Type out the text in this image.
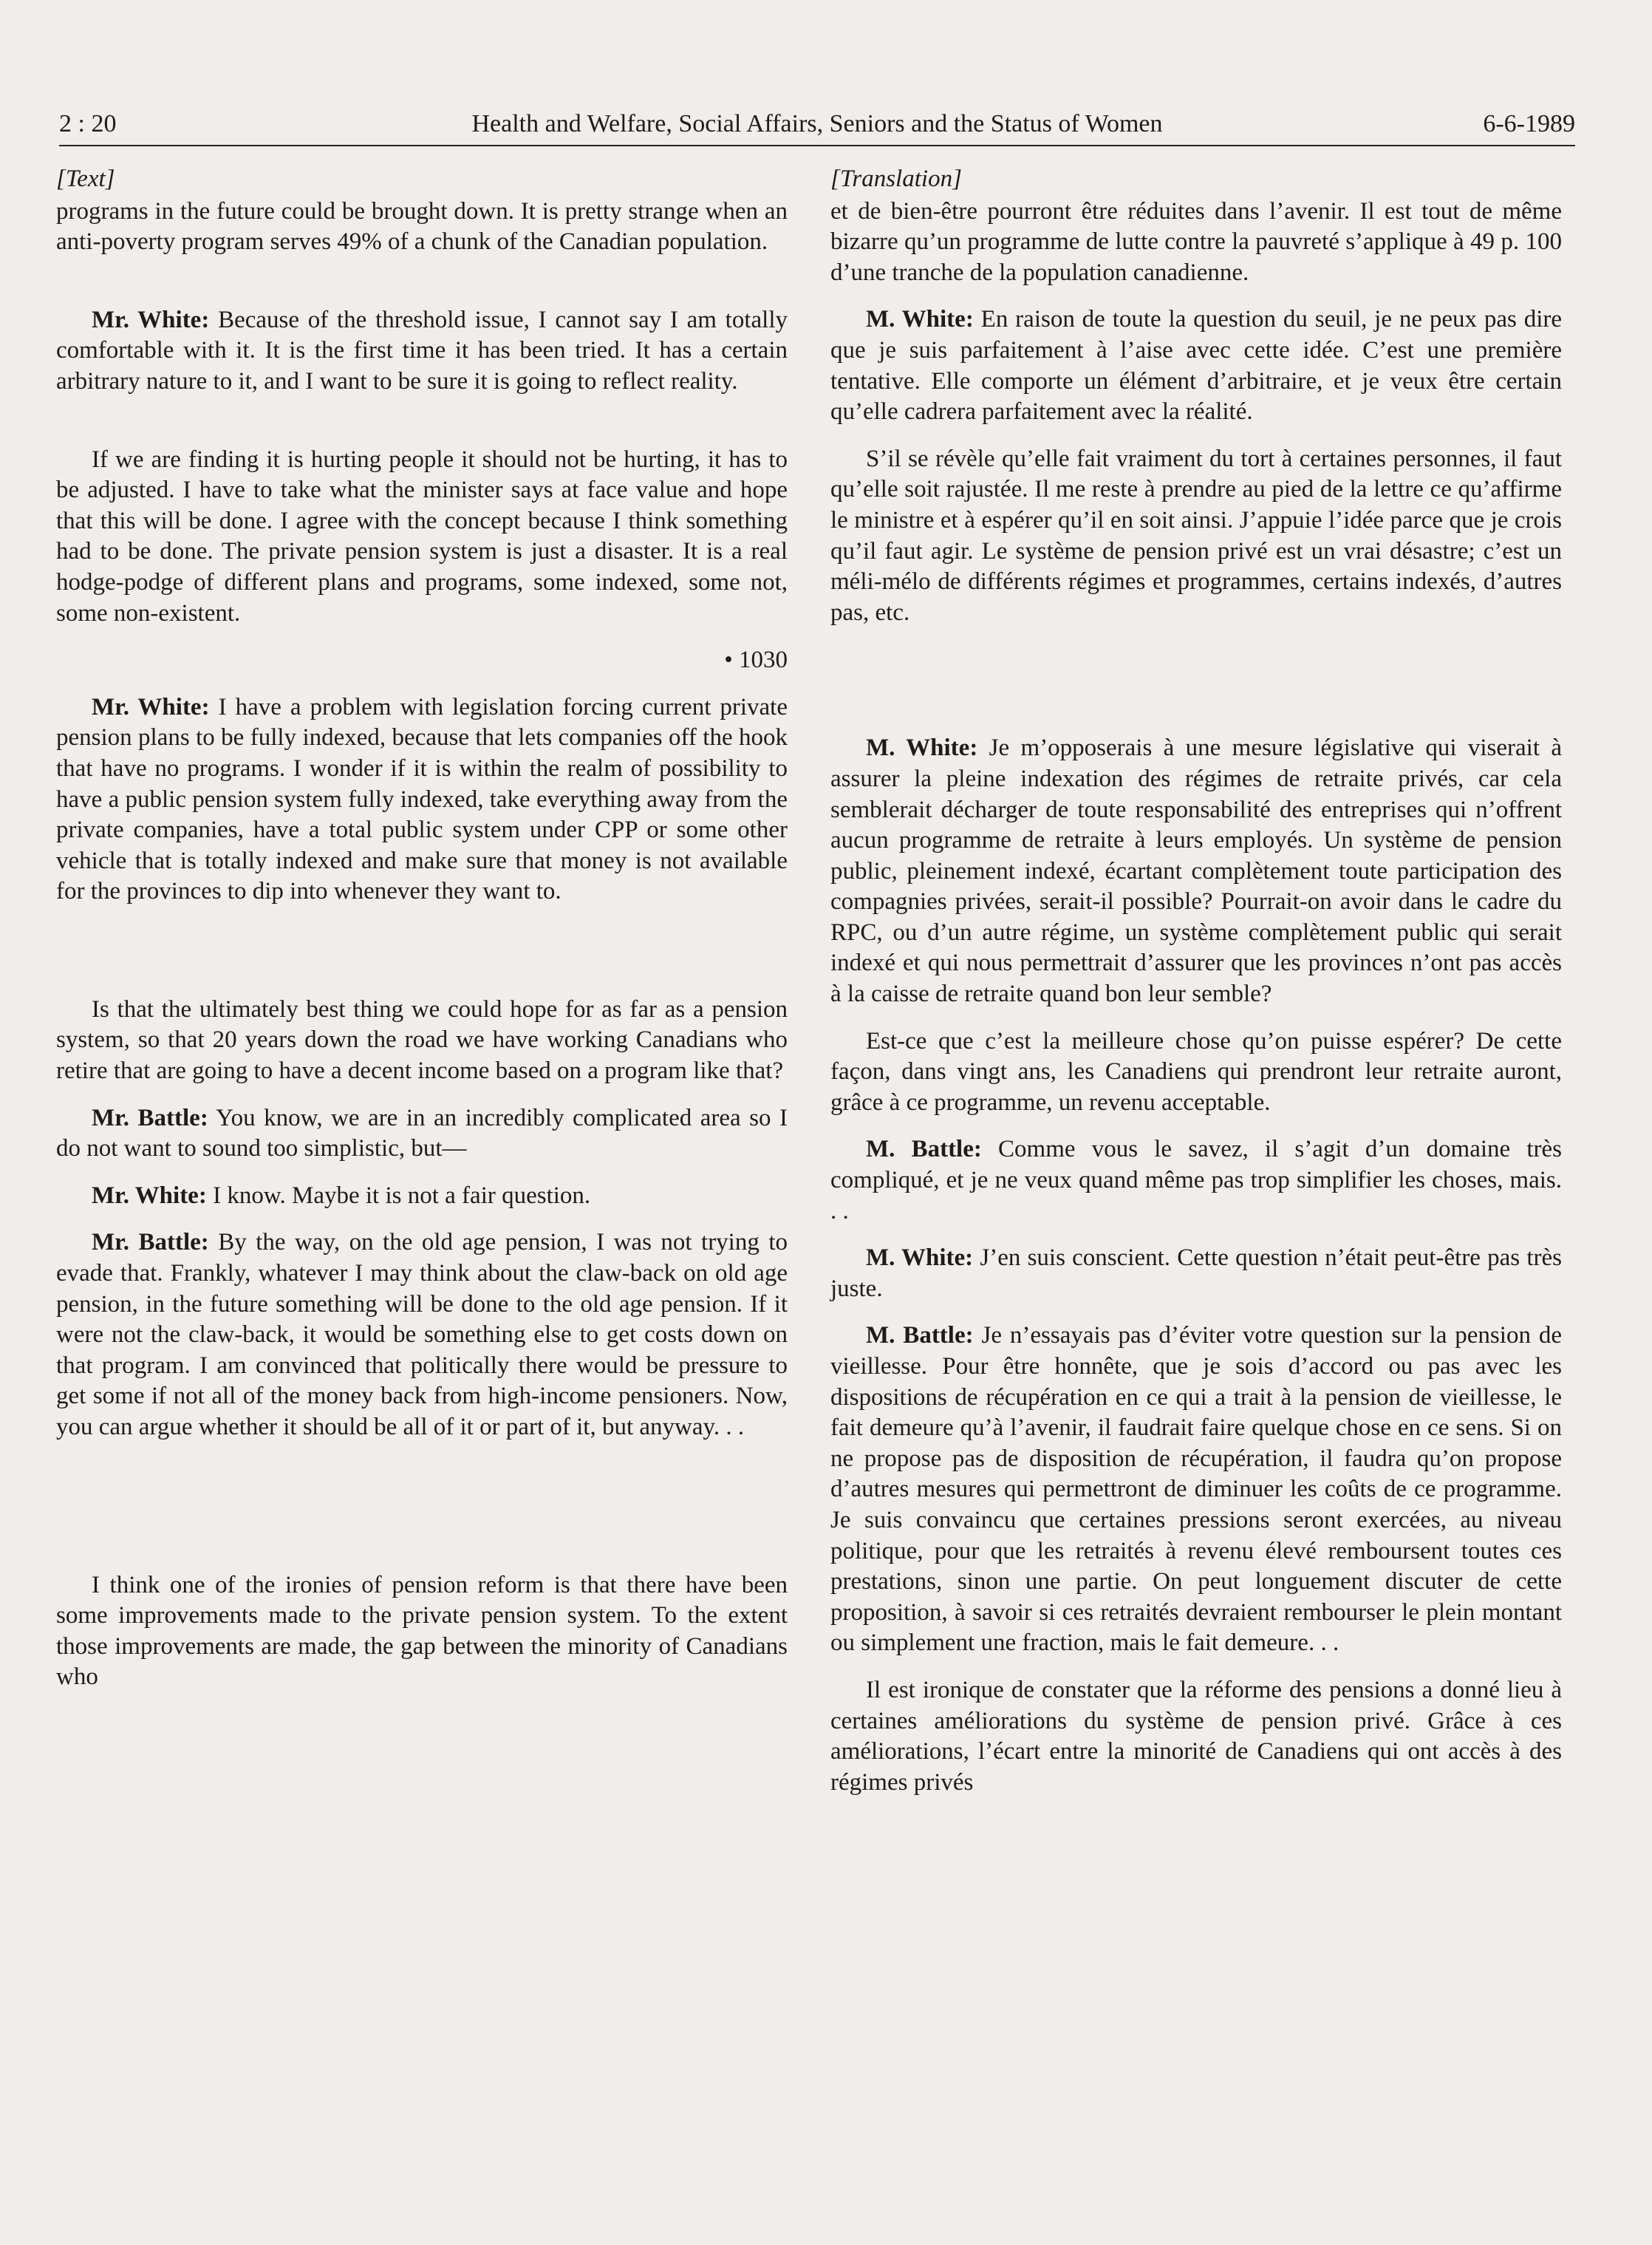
2 : 20	Health and Welfare, Social Affairs, Seniors and the Status of Women	6-6-1989
[Text]

programs in the future could be brought down. It is pretty strange when an anti-poverty program serves 49% of a chunk of the Canadian population.

Mr. White: Because of the threshold issue, I cannot say I am totally comfortable with it. It is the first time it has been tried. It has a certain arbitrary nature to it, and I want to be sure it is going to reflect reality.

If we are finding it is hurting people it should not be hurting, it has to be adjusted. I have to take what the minister says at face value and hope that this will be done. I agree with the concept because I think something had to be done. The private pension system is just a disaster. It is a real hodge-podge of different plans and programs, some indexed, some not, some non-existent.

• 1030

Mr. White: I have a problem with legislation forcing current private pension plans to be fully indexed, because that lets companies off the hook that have no programs. I wonder if it is within the realm of possibility to have a public pension system fully indexed, take everything away from the private companies, have a total public system under CPP or some other vehicle that is totally indexed and make sure that money is not available for the provinces to dip into whenever they want to.

Is that the ultimately best thing we could hope for as far as a pension system, so that 20 years down the road we have working Canadians who retire that are going to have a decent income based on a program like that?

Mr. Battle: You know, we are in an incredibly complicated area so I do not want to sound too simplistic, but—

Mr. White: I know. Maybe it is not a fair question.

Mr. Battle: By the way, on the old age pension, I was not trying to evade that. Frankly, whatever I may think about the claw-back on old age pension, in the future something will be done to the old age pension. If it were not the claw-back, it would be something else to get costs down on that program. I am convinced that politically there would be pressure to get some if not all of the money back from high-income pensioners. Now, you can argue whether it should be all of it or part of it, but anyway. . .

I think one of the ironies of pension reform is that there have been some improvements made to the private pension system. To the extent those improvements are made, the gap between the minority of Canadians who

[Translation]

et de bien-être pourront être réduites dans l’avenir. Il est tout de même bizarre qu’un programme de lutte contre la pauvreté s’applique à 49 p. 100 d’une tranche de la population canadienne.

M. White: En raison de toute la question du seuil, je ne peux pas dire que je suis parfaitement à l’aise avec cette idée. C’est une première tentative. Elle comporte un élément d’arbitraire, et je veux être certain qu’elle cadrera parfaitement avec la réalité.

S’il se révèle qu’elle fait vraiment du tort à certaines personnes, il faut qu’elle soit rajustée. Il me reste à prendre au pied de la lettre ce qu’affirme le ministre et à espérer qu’il en soit ainsi. J’appuie l’idée parce que je crois qu’il faut agir. Le système de pension privé est un vrai désastre; c’est un méli-mélo de différents régimes et programmes, certains indexés, d’autres pas, etc.

M. White: Je m’opposerais à une mesure législative qui viserait à assurer la pleine indexation des régimes de retraite privés, car cela semblerait décharger de toute responsabilité des entreprises qui n’offrent aucun programme de retraite à leurs employés. Un système de pension public, pleinement indexé, écartant complètement toute participation des compagnies privées, serait-il possible? Pourrait-on avoir dans le cadre du RPC, ou d’un autre régime, un système complètement public qui serait indexé et qui nous permettrait d’assurer que les provinces n’ont pas accès à la caisse de retraite quand bon leur semble?

Est-ce que c’est la meilleure chose qu’on puisse espérer? De cette façon, dans vingt ans, les Canadiens qui prendront leur retraite auront, grâce à ce programme, un revenu acceptable.

M. Battle: Comme vous le savez, il s’agit d’un domaine très compliqué, et je ne veux quand même pas trop simplifier les choses, mais. . .

M. White: J’en suis conscient. Cette question n’était peut-être pas très juste.

M. Battle: Je n’essayais pas d’éviter votre question sur la pension de vieillesse. Pour être honnête, que je sois d’accord ou pas avec les dispositions de récupération en ce qui a trait à la pension de vieillesse, le fait demeure qu’à l’avenir, il faudrait faire quelque chose en ce sens. Si on ne propose pas de disposition de récupération, il faudra qu’on propose d’autres mesures qui permettront de diminuer les coûts de ce programme. Je suis convaincu que certaines pressions seront exercées, au niveau politique, pour que les retraités à revenu élevé remboursent toutes ces prestations, sinon une partie. On peut longuement discuter de cette proposition, à savoir si ces retraités devraient rembourser le plein montant ou simplement une fraction, mais le fait demeure. . .

Il est ironique de constater que la réforme des pensions a donné lieu à certaines améliorations du système de pension privé. Grâce à ces améliorations, l’écart entre la minorité de Canadiens qui ont accès à des régimes privés
